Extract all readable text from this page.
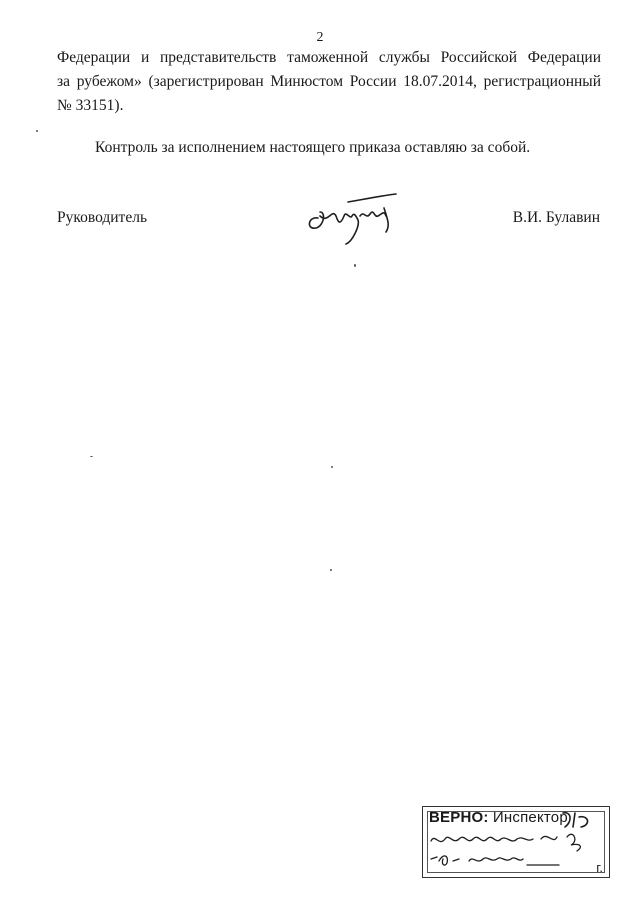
2
Федерации и представительств таможенной службы Российской Федерации
за рубежом» (зарегистрирован Минюстом России 18.07.2014, регистрационный
№ 33151).
Контроль за исполнением настоящего приказа оставляю за собой.
Руководитель	В.И. Булавин
ВЕРНО: Инспектор
г.
